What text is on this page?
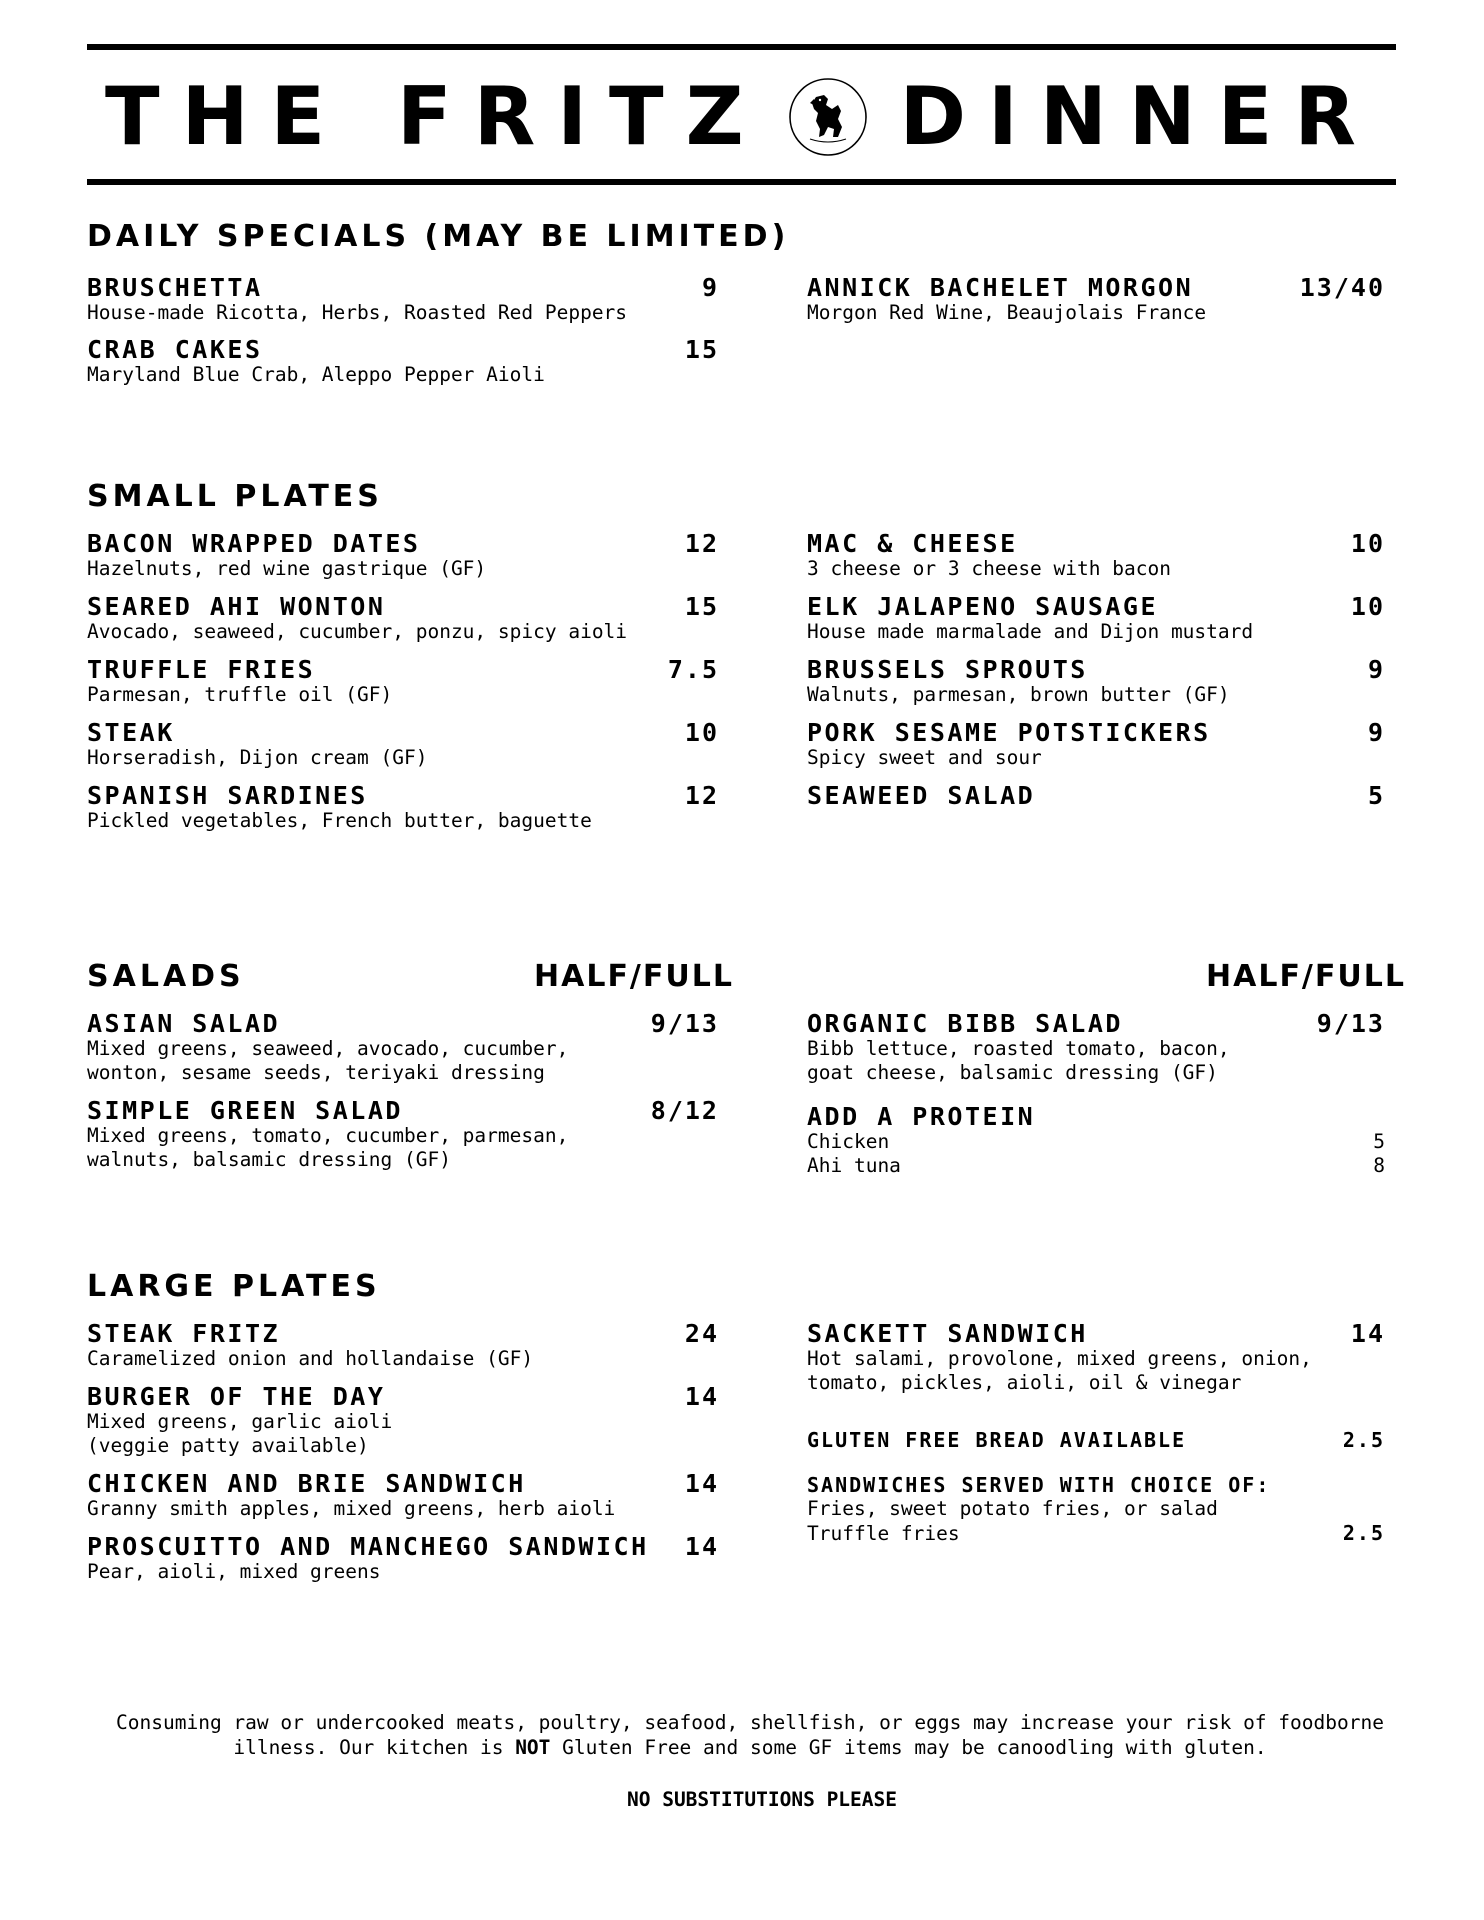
THE FRITZ DINNER
DAILY SPECIALS (MAY BE LIMITED)
BRUSCHETTA	9
House-made Ricotta, Herbs, Roasted Red Peppers
CRAB CAKES	15
Maryland Blue Crab, Aleppo Pepper Aioli
ANNICK BACHELET MORGON	13/40
Morgon Red Wine, Beaujolais France
SMALL PLATES
BACON WRAPPED DATES	12
Hazelnuts, red wine gastrique (GF)
SEARED AHI WONTON	15
Avocado, seaweed, cucumber, ponzu, spicy aioli
TRUFFLE FRIES	7.5
Parmesan, truffle oil (GF)
STEAK	10
Horseradish, Dijon cream (GF)
SPANISH SARDINES	12
Pickled vegetables, French butter, baguette
MAC & CHEESE	10
3 cheese or 3 cheese with bacon
ELK JALAPENO SAUSAGE	10
House made marmalade and Dijon mustard
BRUSSELS SPROUTS	9
Walnuts, parmesan, brown butter (GF)
PORK SESAME POTSTICKERS	9
Spicy sweet and sour
SEAWEED SALAD	5
SALADS	HALF/FULL	HALF/FULL
ASIAN SALAD	9/13
Mixed greens, seaweed, avocado, cucumber,
wonton, sesame seeds, teriyaki dressing
SIMPLE GREEN SALAD	8/12
Mixed greens, tomato, cucumber, parmesan,
walnuts, balsamic dressing (GF)
ORGANIC BIBB SALAD	9/13
Bibb lettuce, roasted tomato, bacon,
goat cheese, balsamic dressing (GF)
ADD A PROTEIN
Chicken	5
Ahi tuna	8
LARGE PLATES
STEAK FRITZ	24
Caramelized onion and hollandaise (GF)
BURGER OF THE DAY	14
Mixed greens, garlic aioli
(veggie patty available)
CHICKEN AND BRIE SANDWICH	14
Granny smith apples, mixed greens, herb aioli
PROSCUITTO AND MANCHEGO SANDWICH 14
Pear, aioli, mixed greens
SACKETT SANDWICH	14
Hot salami, provolone, mixed greens, onion,
tomato, pickles, aioli, oil & vinegar
GLUTEN FREE BREAD AVAILABLE	2.5
SANDWICHES SERVED WITH CHOICE OF:
Fries, sweet potato fries, or salad
Truffle fries	2.5
Consuming raw or undercooked meats, poultry, seafood, shellfish, or eggs may increase your risk of foodborne
illness. Our kitchen is NOT Gluten Free and some GF items may be canoodling with gluten.
NO SUBSTITUTIONS PLEASE
